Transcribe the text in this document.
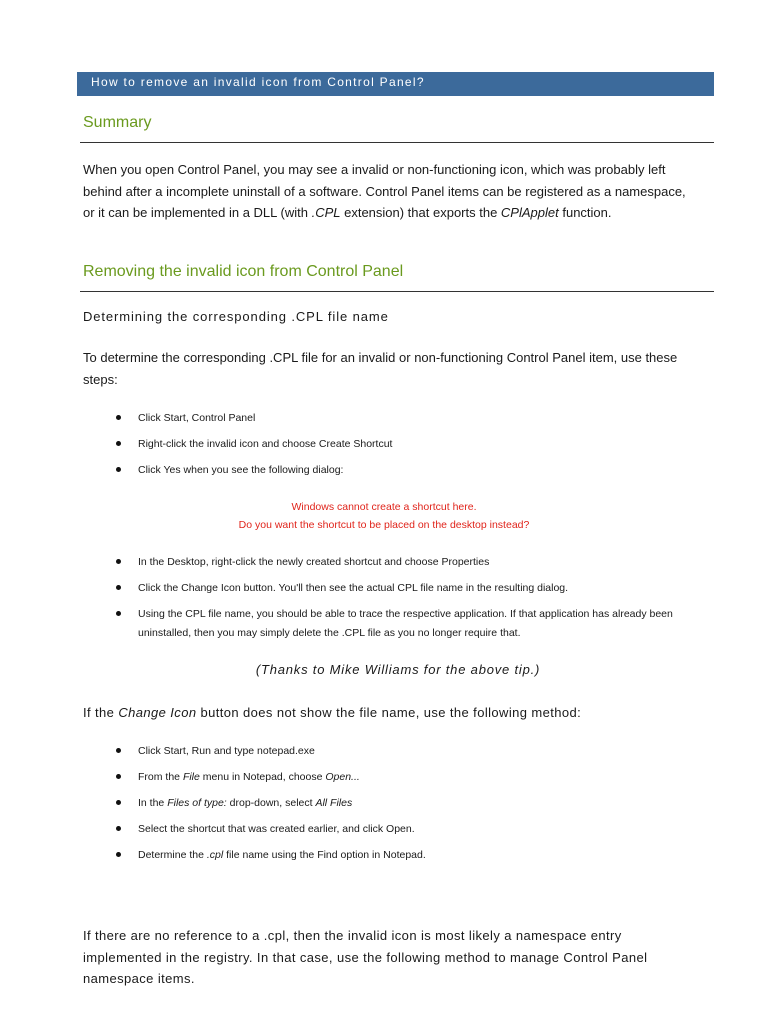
How to remove an invalid icon from Control Panel?
Summary

When you open Control Panel, you may see a invalid or non-functioning icon, which was probably left behind after a incomplete uninstall of a software. Control Panel items can be registered as a namespace, or it can be implemented in a DLL (with .CPL extension) that exports the CPlApplet function.

Removing the invalid icon from Control Panel

Determining the corresponding .CPL file name

To determine the corresponding .CPL file for an invalid or non-functioning Control Panel item, use these steps:

Click Start, Control Panel
Right-click the invalid icon and choose Create Shortcut
Click Yes when you see the following dialog:

Windows cannot create a shortcut here.

Do you want the shortcut to be placed on the desktop instead?

In the Desktop, right-click the newly created shortcut and choose Properties
Click the Change Icon button. You'll then see the actual CPL file name in the resulting dialog.
Using the CPL file name, you should be able to trace the respective application. If that application has already been uninstalled, then you may simply delete the .CPL file as you no longer require that.

(Thanks to Mike Williams for the above tip.)

If the Change Icon button does not show the file name, use the following method:

Click Start, Run and type notepad.exe
From the File menu in Notepad, choose Open...
In the Files of type: drop-down, select All Files
Select the shortcut that was created earlier, and click Open.
Determine the .cpl file name using the Find option in Notepad.

If there are no reference to a .cpl, then the invalid icon is most likely a namespace entry implemented in the registry. In that case, use the following method to manage Control Panel namespace items.
